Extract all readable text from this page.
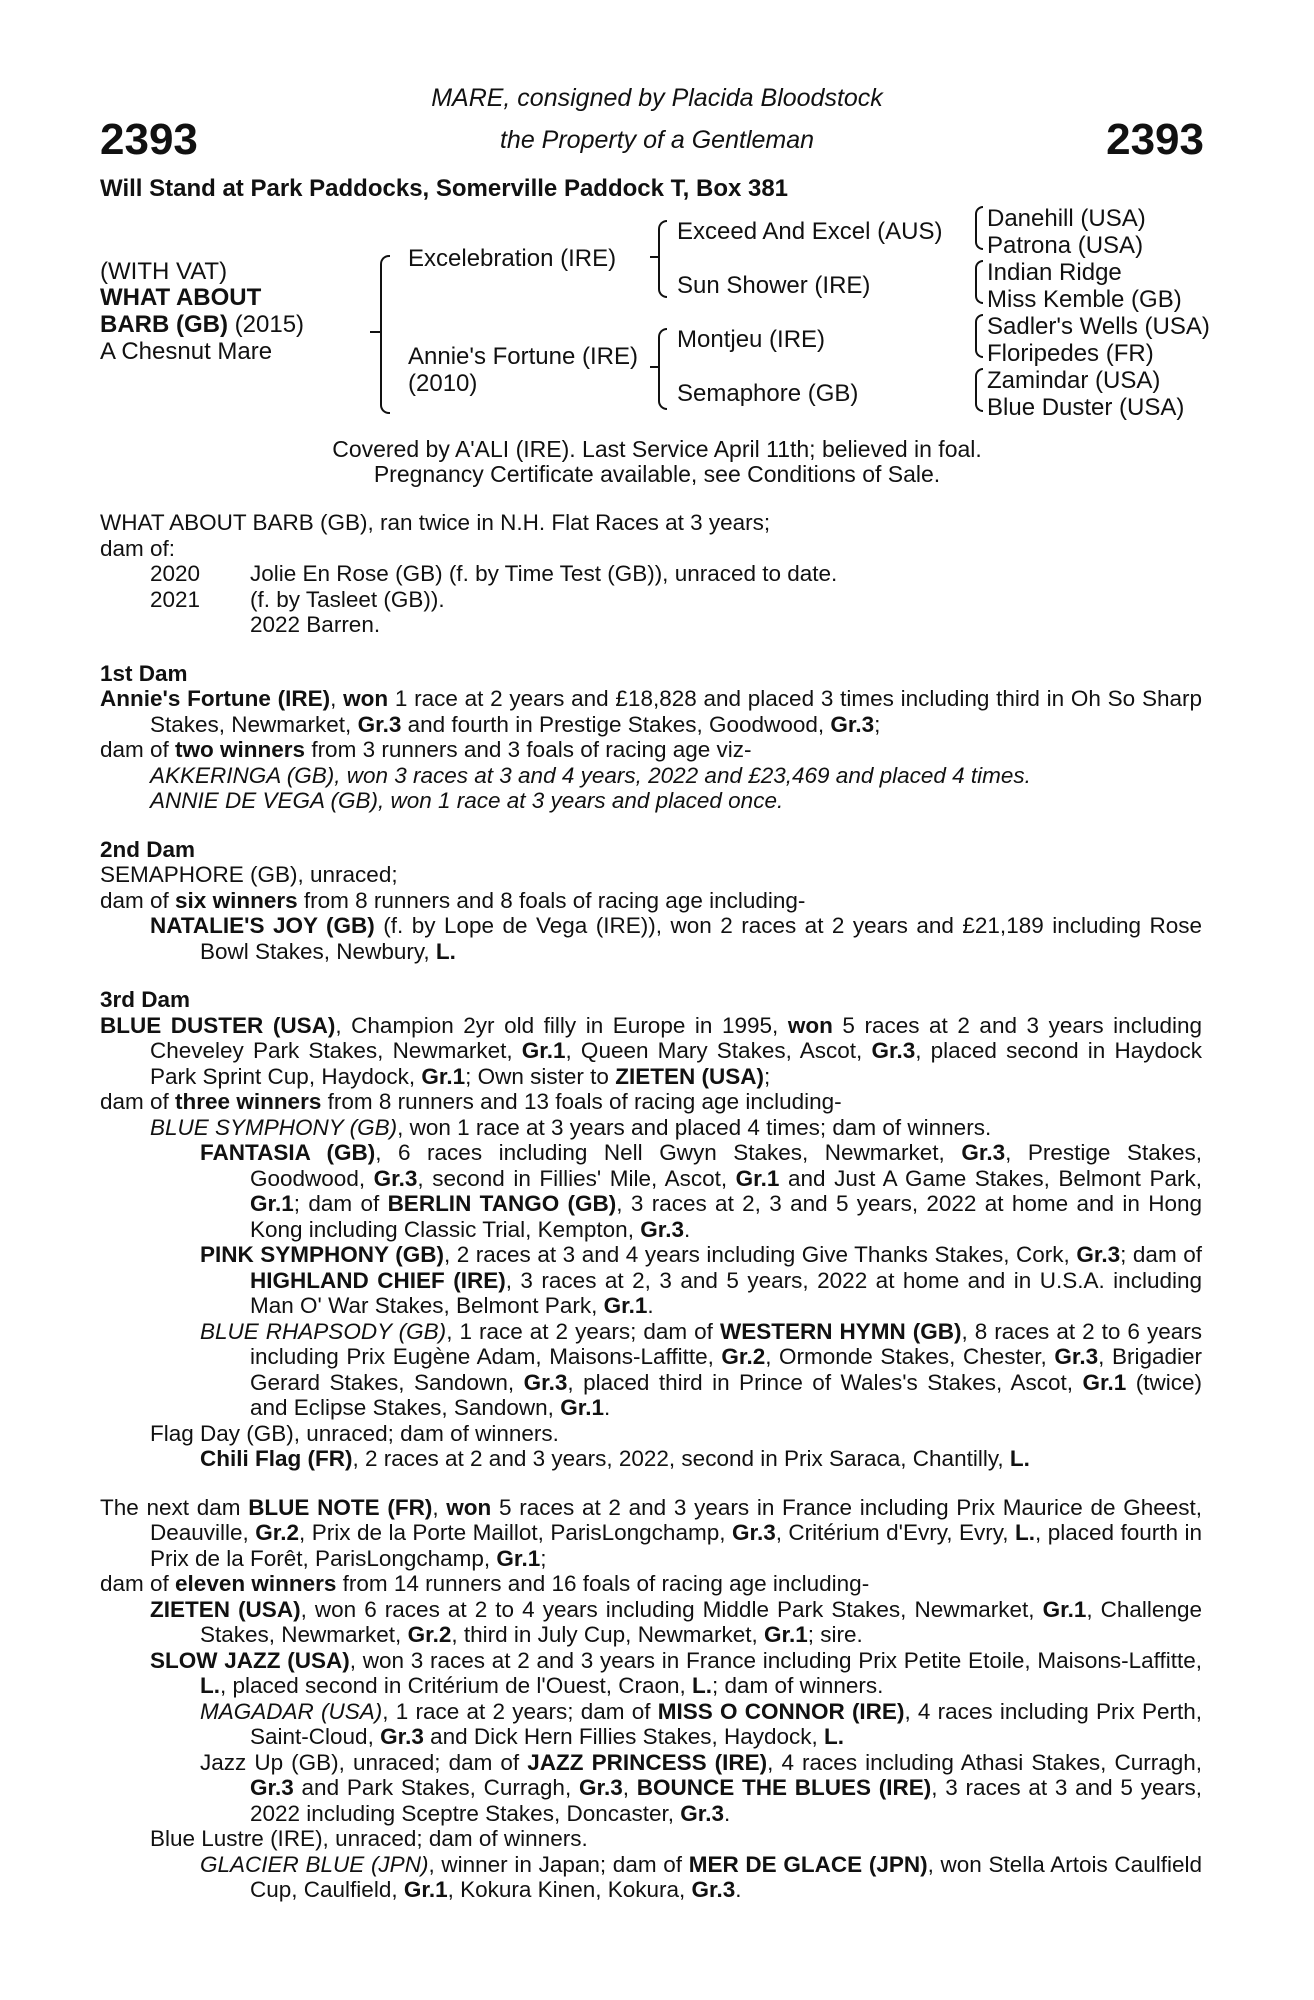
2393	2393
MARE, consigned by Placida Bloodstock
the Property of a Gentleman
Will Stand at Park Paddocks, Somerville Paddock T, Box 381
(WITH VAT)
WHAT ABOUT
BARB (GB) (2015)
A Chesnut Mare
Excelebration (IRE)
Annie's Fortune (IRE)
(2010)
Exceed And Excel (AUS)
Sun Shower (IRE)
Montjeu (IRE)
Semaphore (GB)
Danehill (USA)
Patrona (USA)
Indian Ridge
Miss Kemble (GB)
Sadler's Wells (USA)
Floripedes (FR)
Zamindar (USA)
Blue Duster (USA)
Covered by A'ALI (IRE). Last Service April 11th; believed in foal.
Pregnancy Certificate available, see Conditions of Sale.

WHAT ABOUT BARB (GB), ran twice in N.H. Flat Races at 3 years;

dam of:

2020	Jolie En Rose (GB) (f. by Time Test (GB)), unraced to date.
2021	(f. by Tasleet (GB)).
2022 Barren.

1st Dam

Annie's Fortune (IRE), won 1 race at 2 years and £18,828 and placed 3 times including third in Oh So Sharp Stakes, Newmarket, Gr.3 and fourth in Prestige Stakes, Goodwood, Gr.3;

dam of two winners from 3 runners and 3 foals of racing age viz-

AKKERINGA (GB), won 3 races at 3 and 4 years, 2022 and £23,469 and placed 4 times.

ANNIE DE VEGA (GB), won 1 race at 3 years and placed once.

2nd Dam

SEMAPHORE (GB), unraced;

dam of six winners from 8 runners and 8 foals of racing age including-

NATALIE'S JOY (GB) (f. by Lope de Vega (IRE)), won 2 races at 2 years and £21,189 including Rose Bowl Stakes, Newbury, L.

3rd Dam

BLUE DUSTER (USA), Champion 2yr old filly in Europe in 1995, won 5 races at 2 and 3 years including Cheveley Park Stakes, Newmarket, Gr.1, Queen Mary Stakes, Ascot, Gr.3, placed second in Haydock Park Sprint Cup, Haydock, Gr.1; Own sister to ZIETEN (USA);

dam of three winners from 8 runners and 13 foals of racing age including-

BLUE SYMPHONY (GB), won 1 race at 3 years and placed 4 times; dam of winners.

FANTASIA (GB), 6 races including Nell Gwyn Stakes, Newmarket, Gr.3, Prestige Stakes, Goodwood, Gr.3, second in Fillies' Mile, Ascot, Gr.1 and Just A Game Stakes, Belmont Park, Gr.1; dam of BERLIN TANGO (GB), 3 races at 2, 3 and 5 years, 2022 at home and in Hong Kong including Classic Trial, Kempton, Gr.3.

PINK SYMPHONY (GB), 2 races at 3 and 4 years including Give Thanks Stakes, Cork, Gr.3; dam of HIGHLAND CHIEF (IRE), 3 races at 2, 3 and 5 years, 2022 at home and in U.S.A. including Man O' War Stakes, Belmont Park, Gr.1.

BLUE RHAPSODY (GB), 1 race at 2 years; dam of WESTERN HYMN (GB), 8 races at 2 to 6 years including Prix Eugène Adam, Maisons-Laffitte, Gr.2, Ormonde Stakes, Chester, Gr.3, Brigadier Gerard Stakes, Sandown, Gr.3, placed third in Prince of Wales's Stakes, Ascot, Gr.1 (twice) and Eclipse Stakes, Sandown, Gr.1.

Flag Day (GB), unraced; dam of winners.

Chili Flag (FR), 2 races at 2 and 3 years, 2022, second in Prix Saraca, Chantilly, L.

The next dam BLUE NOTE (FR), won 5 races at 2 and 3 years in France including Prix Maurice de Gheest, Deauville, Gr.2, Prix de la Porte Maillot, ParisLongchamp, Gr.3, Critérium d'Evry, Evry, L., placed fourth in Prix de la Forêt, ParisLongchamp, Gr.1;

dam of eleven winners from 14 runners and 16 foals of racing age including-

ZIETEN (USA), won 6 races at 2 to 4 years including Middle Park Stakes, Newmarket, Gr.1, Challenge Stakes, Newmarket, Gr.2, third in July Cup, Newmarket, Gr.1; sire.

SLOW JAZZ (USA), won 3 races at 2 and 3 years in France including Prix Petite Etoile, Maisons-Laffitte, L., placed second in Critérium de l'Ouest, Craon, L.; dam of winners.

MAGADAR (USA), 1 race at 2 years; dam of MISS O CONNOR (IRE), 4 races including Prix Perth, Saint-Cloud, Gr.3 and Dick Hern Fillies Stakes, Haydock, L.

Jazz Up (GB), unraced; dam of JAZZ PRINCESS (IRE), 4 races including Athasi Stakes, Curragh, Gr.3 and Park Stakes, Curragh, Gr.3, BOUNCE THE BLUES (IRE), 3 races at 3 and 5 years, 2022 including Sceptre Stakes, Doncaster, Gr.3.

Blue Lustre (IRE), unraced; dam of winners.

GLACIER BLUE (JPN), winner in Japan; dam of MER DE GLACE (JPN), won Stella Artois Caulfield Cup, Caulfield, Gr.1, Kokura Kinen, Kokura, Gr.3.
